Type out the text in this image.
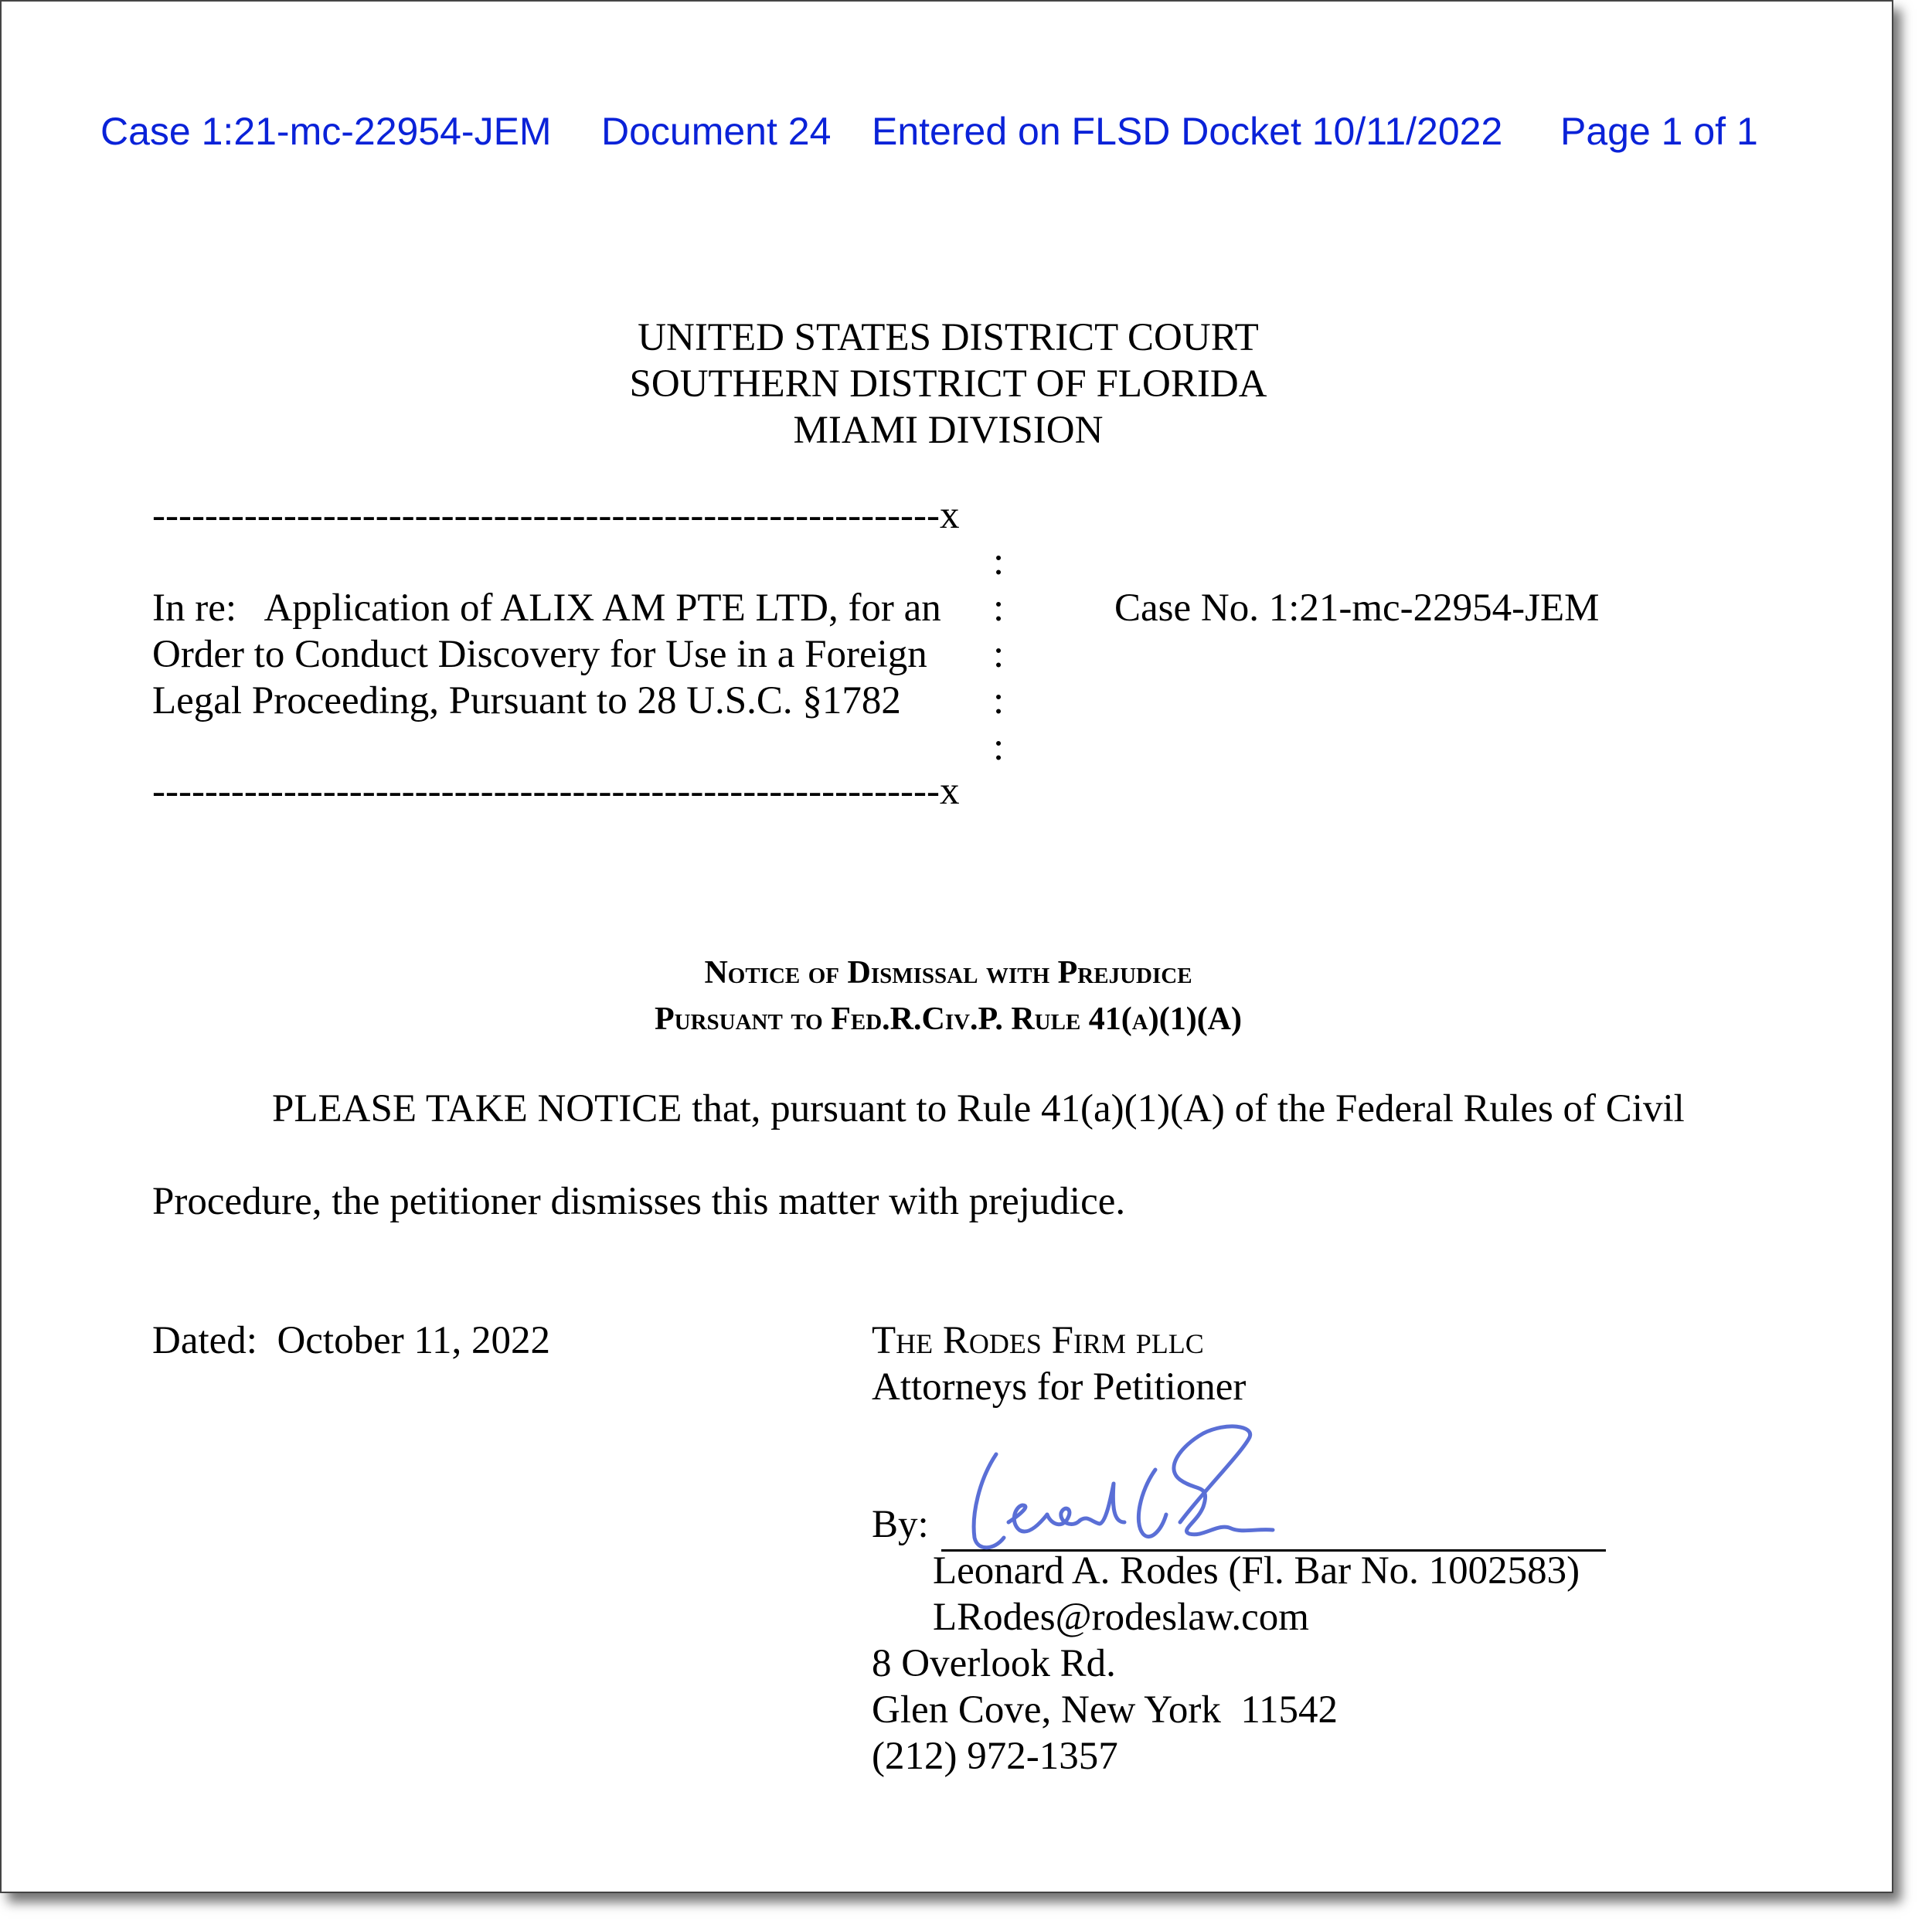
Case 1:21-mc-22954-JEM Document 24 Entered on FLSD Docket 10/11/2022 Page 1 of 1
UNITED STATES DISTRICT COURT
SOUTHERN DISTRICT OF FLORIDA
MIAMI DIVISION
------------------------------------------------------------x
:
In re:   Application of ALIX AM PTE LTD, for an :	Case No. 1:21-mc-22954-JEM
Order to Conduct Discovery for Use in a Foreign :
Legal Proceeding, Pursuant to 28 U.S.C. §1782 :
:
------------------------------------------------------------x
Notice of Dismissal with Prejudice
Pursuant to Fed.R.Civ.P. Rule 41(a)(1)(A)
PLEASE TAKE NOTICE that, pursuant to Rule 41(a)(1)(A) of the Federal Rules of Civil
Procedure, the petitioner dismisses this matter with prejudice.
Dated:  October 11, 2022	The Rodes Firm pllc
Attorneys for Petitioner
By:
Leonard A. Rodes (Fl. Bar No. 1002583)
LRodes@rodeslaw.com
8 Overlook Rd.
Glen Cove, New York  11542
(212) 972-1357
